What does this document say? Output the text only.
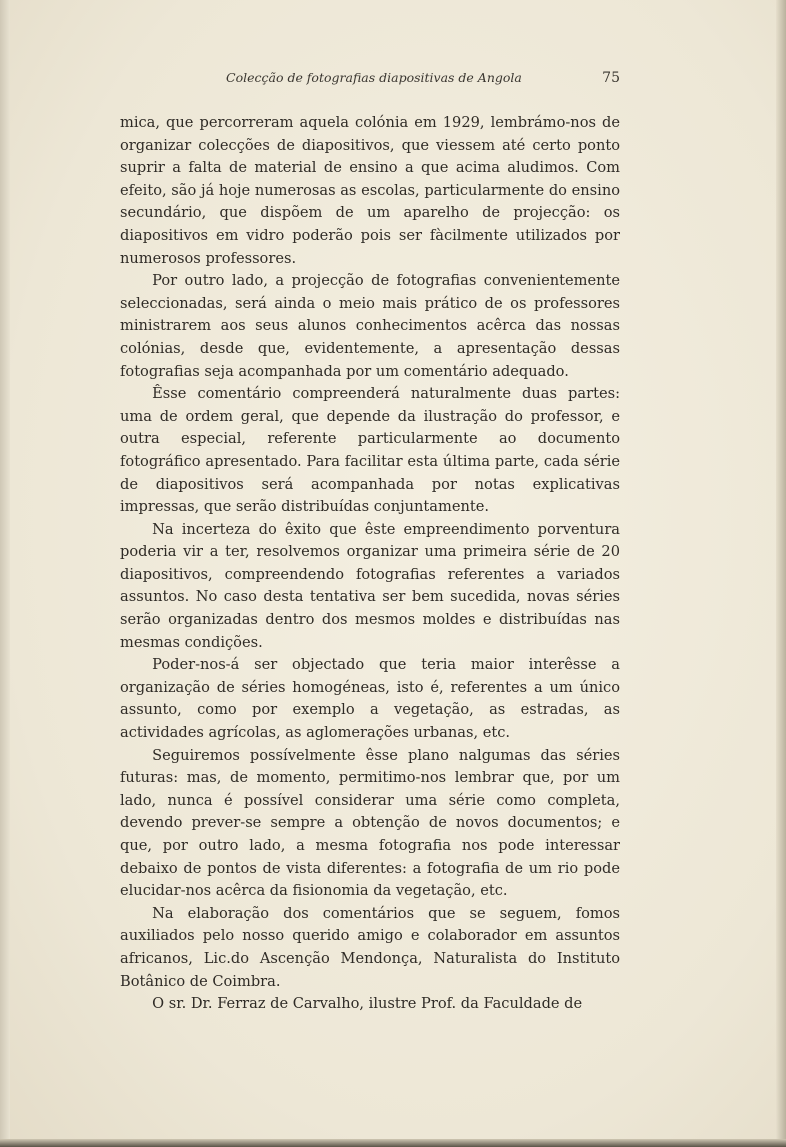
Colecção de fotografias diapositivas de Angola	75

mica, que percorreram aquela colónia em 1929, lembrámo-nos de organizar colecções de diapositivos, que viessem até certo ponto suprir a falta de material de ensino a que acima aludimos. Com efeito, são já hoje numerosas as escolas, particularmente do ensino secundário, que dispõem de um aparelho de projecção: os diapositivos em vidro poderão pois ser fàcilmente utilizados por numerosos professores.

Por outro lado, a projecção de fotografias convenientemente seleccionadas, será ainda o meio mais prático de os professores ministrarem aos seus alunos conhecimentos acêrca das nossas colónias, desde que, evidentemente, a apresentação dessas fotografias seja acompanhada por um comentário adequado.

Êsse comentário compreenderá naturalmente duas partes: uma de ordem geral, que depende da ilustração do professor, e outra especial, referente particularmente ao documento fotográfico apresentado. Para facilitar esta última parte, cada série de diapositivos será acompanhada por notas explicativas impressas, que serão distribuídas conjuntamente.

Na incerteza do êxito que êste empreendimento porventura poderia vir a ter, resolvemos organizar uma primeira série de 20 diapositivos, compreendendo fotografias referentes a variados assuntos. No caso desta tentativa ser bem sucedida, novas séries serão organizadas dentro dos mesmos moldes e distribuídas nas mesmas condições.

Poder-nos-á ser objectado que teria maior interêsse a organização de séries homogéneas, isto é, referentes a um único assunto, como por exemplo a vegetação, as estradas, as actividades agrícolas, as aglomerações urbanas, etc.

Seguiremos possívelmente êsse plano nalgumas das séries futuras: mas, de momento, permitimo-nos lembrar que, por um lado, nunca é possível considerar uma série como completa, devendo prever-se sempre a obtenção de novos documentos; e que, por outro lado, a mesma fotografia nos pode interessar debaixo de pontos de vista diferentes: a fotografia de um rio pode elucidar-nos acêrca da fisionomia da vegetação, etc.

Na elaboração dos comentários que se seguem, fomos auxiliados pelo nosso querido amigo e colaborador em assuntos africanos, Lic.do Ascenção Mendonça, Naturalista do Instituto Botânico de Coimbra.

O sr. Dr. Ferraz de Carvalho, ilustre Prof. da Faculdade de
